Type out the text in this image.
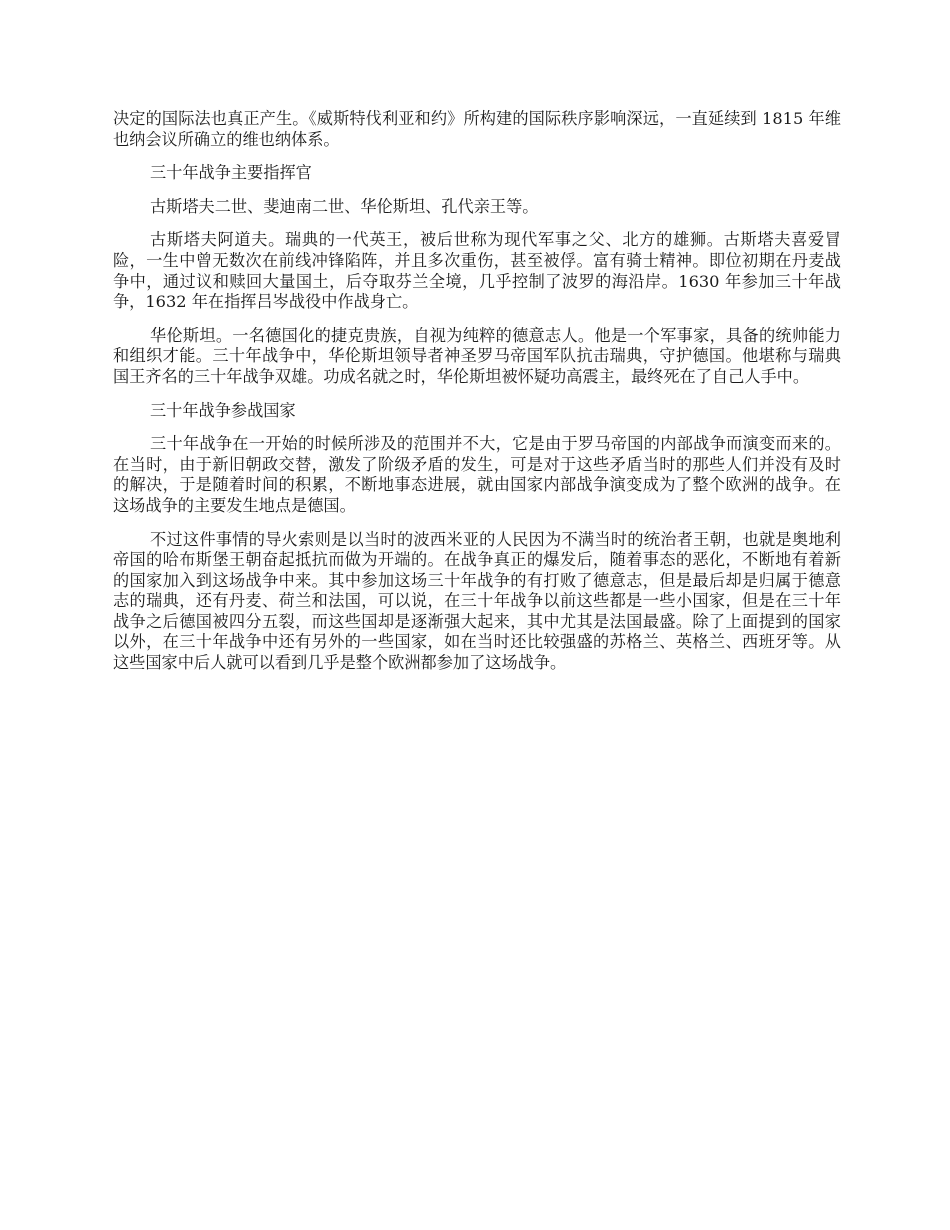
决定的国际法也真正产生。《威斯特伐利亚和约》所构建的国际秩序影响深远，一直延续到 1815 年维也纳会议所确立的维也纳体系。

三十年战争主要指挥官

古斯塔夫二世、斐迪南二世、华伦斯坦、孔代亲王等。

古斯塔夫阿道夫。瑞典的一代英王，被后世称为现代军事之父、北方的雄狮。古斯塔夫喜爱冒险，一生中曾无数次在前线冲锋陷阵，并且多次重伤，甚至被俘。富有骑士精神。即位初期在丹麦战争中，通过议和赎回大量国土，后夺取芬兰全境，几乎控制了波罗的海沿岸。1630 年参加三十年战争，1632 年在指挥吕岑战役中作战身亡。

华伦斯坦。一名德国化的捷克贵族，自视为纯粹的德意志人。他是一个军事家，具备的统帅能力和组织才能。三十年战争中，华伦斯坦领导者神圣罗马帝国军队抗击瑞典，守护德国。他堪称与瑞典国王齐名的三十年战争双雄。功成名就之时，华伦斯坦被怀疑功高震主，最终死在了自己人手中。

三十年战争参战国家

三十年战争在一开始的时候所涉及的范围并不大，它是由于罗马帝国的内部战争而演变而来的。在当时，由于新旧朝政交替，激发了阶级矛盾的发生，可是对于这些矛盾当时的那些人们并没有及时的解决，于是随着时间的积累，不断地事态进展，就由国家内部战争演变成为了整个欧洲的战争。在这场战争的主要发生地点是德国。

不过这件事情的导火索则是以当时的波西米亚的人民因为不满当时的统治者王朝，也就是奥地利帝国的哈布斯堡王朝奋起抵抗而做为开端的。在战争真正的爆发后，随着事态的恶化，不断地有着新的国家加入到这场战争中来。其中参加这场三十年战争的有打败了德意志，但是最后却是归属于德意志的瑞典，还有丹麦、荷兰和法国，可以说，在三十年战争以前这些都是一些小国家，但是在三十年战争之后德国被四分五裂，而这些国却是逐渐强大起来，其中尤其是法国最盛。除了上面提到的国家以外，在三十年战争中还有另外的一些国家，如在当时还比较强盛的苏格兰、英格兰、西班牙等。从这些国家中后人就可以看到几乎是整个欧洲都参加了这场战争。
